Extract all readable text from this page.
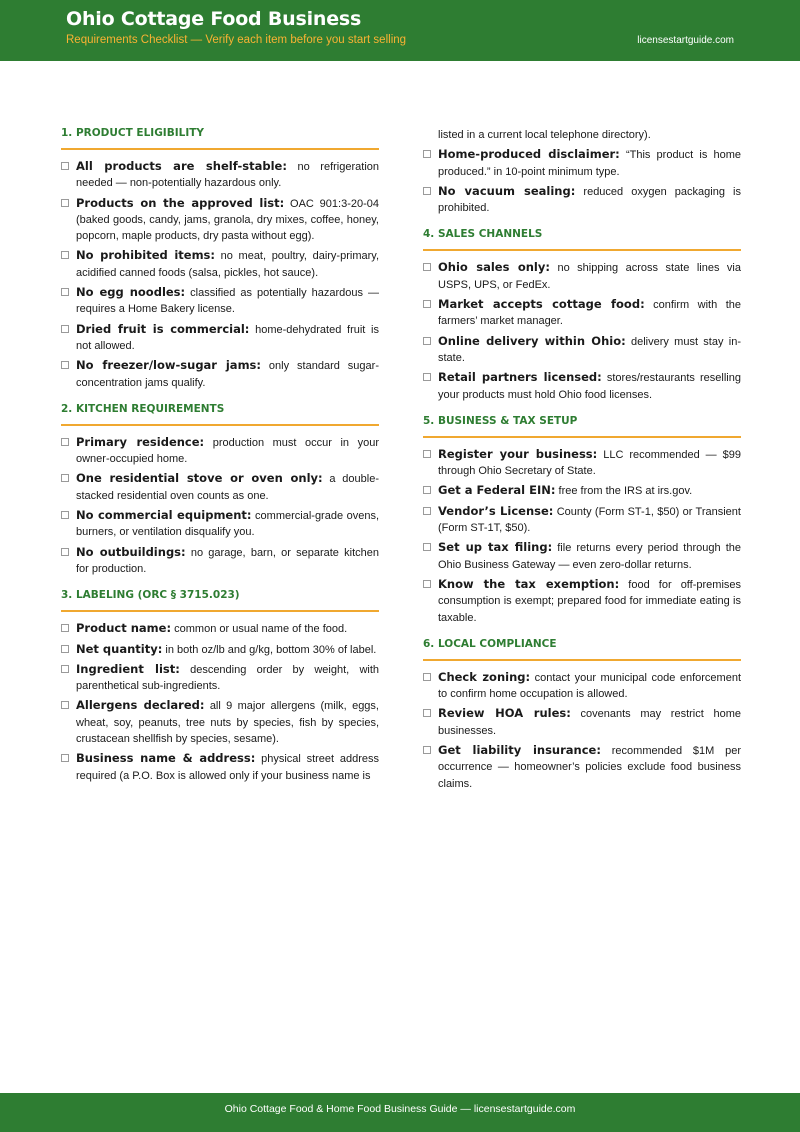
Ohio Cottage Food Business
Requirements Checklist — Verify each item before you start selling	licensestartguide.com
1. PRODUCT ELIGIBILITY
All products are shelf-stable: no refrigeration needed — non-potentially hazardous only.
Products on the approved list: OAC 901:3-20-04 (baked goods, candy, jams, granola, dry mixes, coffee, honey, popcorn, maple products, dry pasta without egg).
No prohibited items: no meat, poultry, dairy-primary, acidified canned foods (salsa, pickles, hot sauce).
No egg noodles: classified as potentially hazardous — requires a Home Bakery license.
Dried fruit is commercial: home-dehydrated fruit is not allowed.
No freezer/low-sugar jams: only standard sugar-concentration jams qualify.
2. KITCHEN REQUIREMENTS
Primary residence: production must occur in your owner-occupied home.
One residential stove or oven only: a double-stacked residential oven counts as one.
No commercial equipment: commercial-grade ovens, burners, or ventilation disqualify you.
No outbuildings: no garage, barn, or separate kitchen for production.
3. LABELING (ORC § 3715.023)
Product name: common or usual name of the food.
Net quantity: in both oz/lb and g/kg, bottom 30% of label.
Ingredient list: descending order by weight, with parenthetical sub-ingredients.
Allergens declared: all 9 major allergens (milk, eggs, wheat, soy, peanuts, tree nuts by species, fish by species, crustacean shellfish by species, sesame).
Business name & address: physical street address required (a P.O. Box is allowed only if your business name is
listed in a current local telephone directory).
Home-produced disclaimer: “This product is home produced.” in 10-point minimum type.
No vacuum sealing: reduced oxygen packaging is prohibited.
4. SALES CHANNELS
Ohio sales only: no shipping across state lines via USPS, UPS, or FedEx.
Market accepts cottage food: confirm with the farmers’ market manager.
Online delivery within Ohio: delivery must stay in-state.
Retail partners licensed: stores/restaurants reselling your products must hold Ohio food licenses.
5. BUSINESS & TAX SETUP
Register your business: LLC recommended — $99 through Ohio Secretary of State.
Get a Federal EIN: free from the IRS at irs.gov.
Vendor’s License: County (Form ST-1, $50) or Transient (Form ST-1T, $50).
Set up tax filing: file returns every period through the Ohio Business Gateway — even zero-dollar returns.
Know the tax exemption: food for off-premises consumption is exempt; prepared food for immediate eating is taxable.
6. LOCAL COMPLIANCE
Check zoning: contact your municipal code enforcement to confirm home occupation is allowed.
Review HOA rules: covenants may restrict home businesses.
Get liability insurance: recommended $1M per occurrence — homeowner’s policies exclude food business claims.
Ohio Cottage Food & Home Food Business Guide — licensestartguide.com
